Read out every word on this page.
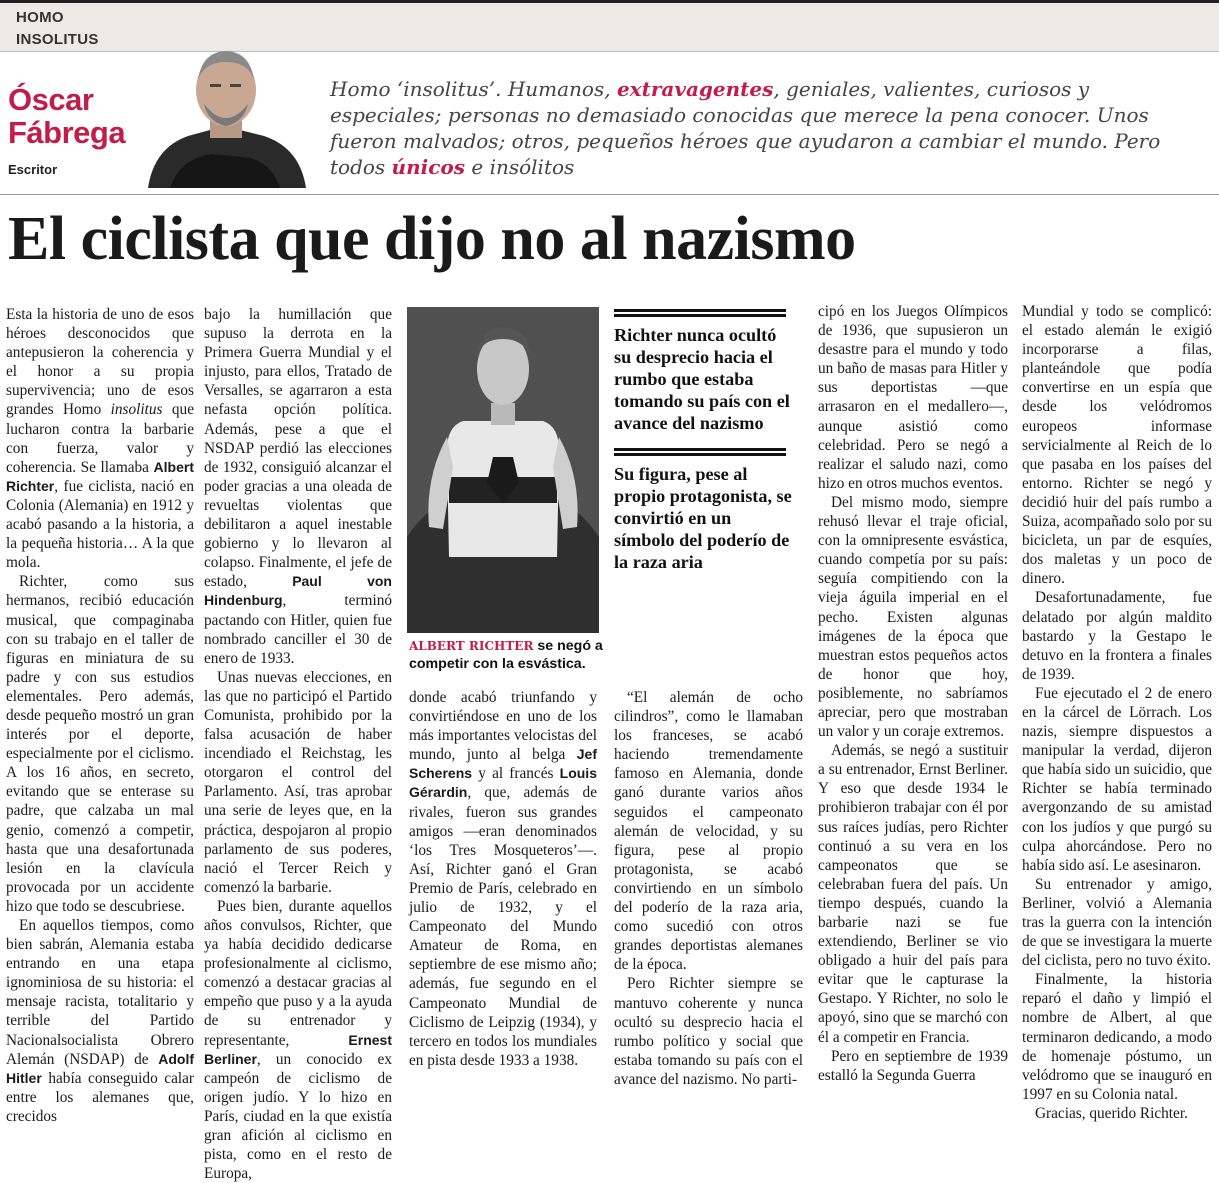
HOMO
INSOLITUS
Óscar
Fábrega
Escritor
Homo ‘insolitus’. Humanos, extravagentes, geniales, valientes, curiosos y especiales; personas no demasiado conocidas que merece la pena conocer. Unos fueron malvados; otros, pequeños héroes que ayudaron a cambiar el mundo. Pero todos únicos e insólitos
El ciclista que dijo no al nazismo

Esta la historia de uno de esos héroes desconocidos que antepusieron la coherencia y el honor a su propia supervivencia; uno de esos grandes Homo insolitus que lucharon contra la barbarie con fuerza, valor y coherencia. Se llamaba Albert Richter, fue ciclista, nació en Colonia (Alemania) en 1912 y acabó pasando a la historia, a la pequeña historia… A la que mola.

Richter, como sus hermanos, recibió educación musical, que compaginaba con su trabajo en el taller de figuras en miniatura de su padre y con sus estudios elementales. Pero además, desde pequeño mostró un gran interés por el deporte, especialmente por el ciclismo. A los 16 años, en secreto, evitando que se enterase su padre, que calzaba un mal genio, comenzó a competir, hasta que una desafortunada lesión en la clavícula provocada por un accidente hizo que todo se descubriese.

En aquellos tiempos, como bien sabrán, Alemania estaba entrando en una etapa ignominiosa de su historia: el mensaje racista, totalitario y terrible del Partido Nacionalsocialista Obrero Alemán (NSDAP) de Adolf Hitler había conseguido calar entre los alemanes que, crecidos

bajo la humillación que supuso la derrota en la Primera Guerra Mundial y el injusto, para ellos, Tratado de Versalles, se agarraron a esta nefasta opción política. Además, pese a que el NSDAP perdió las elecciones de 1932, consiguió alcanzar el poder gracias a una oleada de revueltas violentas que debilitaron a aquel inestable gobierno y lo llevaron al colapso. Finalmente, el jefe de estado, Paul von Hindenburg, terminó pactando con Hitler, quien fue nombrado canciller el 30 de enero de 1933.

Unas nuevas elecciones, en las que no participó el Partido Comunista, prohibido por la falsa acusación de haber incendiado el Reichstag, les otorgaron el control del Parlamento. Así, tras aprobar una serie de leyes que, en la práctica, despojaron al propio parlamento de sus poderes, nació el Tercer Reich y comenzó la barbarie.

Pues bien, durante aquellos años convulsos, Richter, que ya había decidido dedicarse profesionalmente al ciclismo, comenzó a destacar gracias al empeño que puso y a la ayuda de su entrenador y representante, Ernest Berliner, un conocido ex campeón de ciclismo de origen judío. Y lo hizo en París, ciudad en la que existía gran afición al ciclismo en pista, como en el resto de Europa,

ALBERT RICHTER se negó a competir con la esvástica.
Richter nunca ocultó su desprecio hacia el rumbo que estaba tomando su país con el avance del nazismo
Su figura, pese al propio protagonista, se convirtió en un símbolo del poderío de la raza aria

donde acabó triunfando y convirtiéndose en uno de los más importantes velocistas del mundo, junto al belga Jef Scherens y al francés Louis Gérardin, que, además de rivales, fueron sus grandes amigos —eran denominados ‘los Tres Mosqueteros’—. Así, Richter ganó el Gran Premio de París, celebrado en julio de 1932, y el Campeonato del Mundo Amateur de Roma, en septiembre de ese mismo año; además, fue segundo en el Campeonato Mundial de Ciclismo de Leipzig (1934), y tercero en todos los mundiales en pista desde 1933 a 1938.

“El alemán de ocho cilindros”, como le llamaban los franceses, se acabó haciendo tremendamente famoso en Alemania, donde ganó durante varios años seguidos el campeonato alemán de velocidad, y su figura, pese al propio protagonista, se acabó convirtiendo en un símbolo del poderío de la raza aria, como sucedió con otros grandes deportistas alemanes de la época.

Pero Richter siempre se mantuvo coherente y nunca ocultó su desprecio hacia el rumbo político y social que estaba tomando su país con el avance del nazismo. No parti-

cipó en los Juegos Olímpicos de 1936, que supusieron un desastre para el mundo y todo un baño de masas para Hitler y sus deportistas —que arrasaron en el medallero—, aunque asistió como celebridad. Pero se negó a realizar el saludo nazi, como hizo en otros muchos eventos.

Del mismo modo, siempre rehusó llevar el traje oficial, con la omnipresente esvástica, cuando competía por su país: seguía compitiendo con la vieja águila imperial en el pecho. Existen algunas imágenes de la época que muestran estos pequeños actos de honor que hoy, posiblemente, no sabríamos apreciar, pero que mostraban un valor y un coraje extremos.

Además, se negó a sustituir a su entrenador, Ernst Berliner. Y eso que desde 1934 le prohibieron trabajar con él por sus raíces judías, pero Richter continuó a su vera en los campeonatos que se celebraban fuera del país. Un tiempo después, cuando la barbarie nazi se fue extendiendo, Berliner se vio obligado a huir del país para evitar que le capturase la Gestapo. Y Richter, no solo le apoyó, sino que se marchó con él a competir en Francia.

Pero en septiembre de 1939 estalló la Segunda Guerra

Mundial y todo se complicó: el estado alemán le exigió incorporarse a filas, planteándole que podía convertirse en un espía que desde los velódromos europeos informase servicialmente al Reich de lo que pasaba en los países del entorno. Richter se negó y decidió huir del país rumbo a Suiza, acompañado solo por su bicicleta, un par de esquíes, dos maletas y un poco de dinero.

Desafortunadamente, fue delatado por algún maldito bastardo y la Gestapo le detuvo en la frontera a finales de 1939.

Fue ejecutado el 2 de enero en la cárcel de Lörrach. Los nazis, siempre dispuestos a manipular la verdad, dijeron que había sido un suicidio, que Richter se había terminado avergonzando de su amistad con los judíos y que purgó su culpa ahorcándose. Pero no había sido así. Le asesinaron.

Su entrenador y amigo, Berliner, volvió a Alemania tras la guerra con la intención de que se investigara la muerte del ciclista, pero no tuvo éxito.

Finalmente, la historia reparó el daño y limpió el nombre de Albert, al que terminaron dedicando, a modo de homenaje póstumo, un velódromo que se inauguró en 1997 en su Colonia natal.

Gracias, querido Richter.
